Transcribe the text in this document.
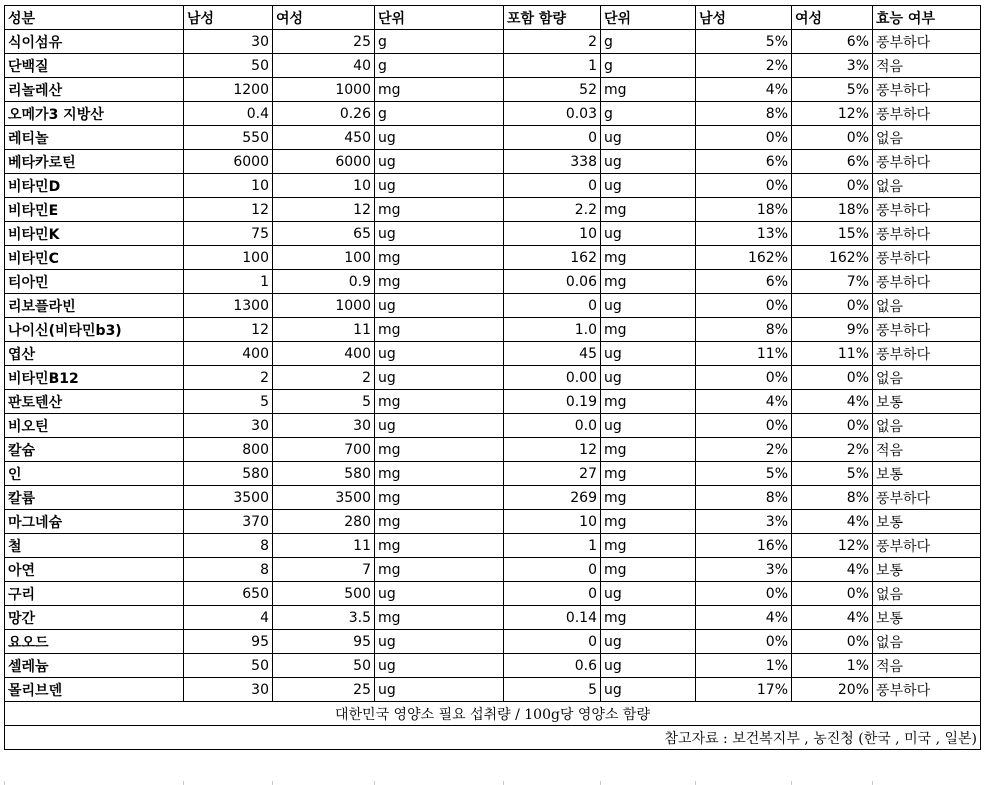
성분	남성	여성	단위	포함 함량	단위	남성	여성	효능 여부
식이섬유	30	25	g	2	g	5%	6%	풍부하다
단백질	50	40	g	1	g	2%	3%	적음
리놀레산	1200	1000	mg	52	mg	4%	5%	풍부하다
오메가3 지방산	0.4	0.26	g	0.03	g	8%	12%	풍부하다
레티놀	550	450	ug	0	ug	0%	0%	없음
베타카로틴	6000	6000	ug	338	ug	6%	6%	풍부하다
비타민D	10	10	ug	0	ug	0%	0%	없음
비타민E	12	12	mg	2.2	mg	18%	18%	풍부하다
비타민K	75	65	ug	10	ug	13%	15%	풍부하다
비타민C	100	100	mg	162	mg	162%	162%	풍부하다
티아민	1	0.9	mg	0.06	mg	6%	7%	풍부하다
리보플라빈	1300	1000	ug	0	ug	0%	0%	없음
나이신(비타민b3)	12	11	mg	1.0	mg	8%	9%	풍부하다
엽산	400	400	ug	45	ug	11%	11%	풍부하다
비타민B12	2	2	ug	0.00	ug	0%	0%	없음
판토텐산	5	5	mg	0.19	mg	4%	4%	보통
비오틴	30	30	ug	0.0	ug	0%	0%	없음
칼슘	800	700	mg	12	mg	2%	2%	적음
인	580	580	mg	27	mg	5%	5%	보통
칼륨	3500	3500	mg	269	mg	8%	8%	풍부하다
마그네슘	370	280	mg	10	mg	3%	4%	보통
철	8	11	mg	1	mg	16%	12%	풍부하다
아연	8	7	mg	0	mg	3%	4%	보통
구리	650	500	ug	0	ug	0%	0%	없음
망간	4	3.5	mg	0.14	mg	4%	4%	보통
요오드	95	95	ug	0	ug	0%	0%	없음
셀레늄	50	50	ug	0.6	ug	1%	1%	적음
몰리브덴	30	25	ug	5	ug	17%	20%	풍부하다
대한민국 영양소 필요 섭취량 / 100g당 영양소 함량								
참고자료 : 보건복지부 , 농진청 (한국 , 미국 , 일본)								
